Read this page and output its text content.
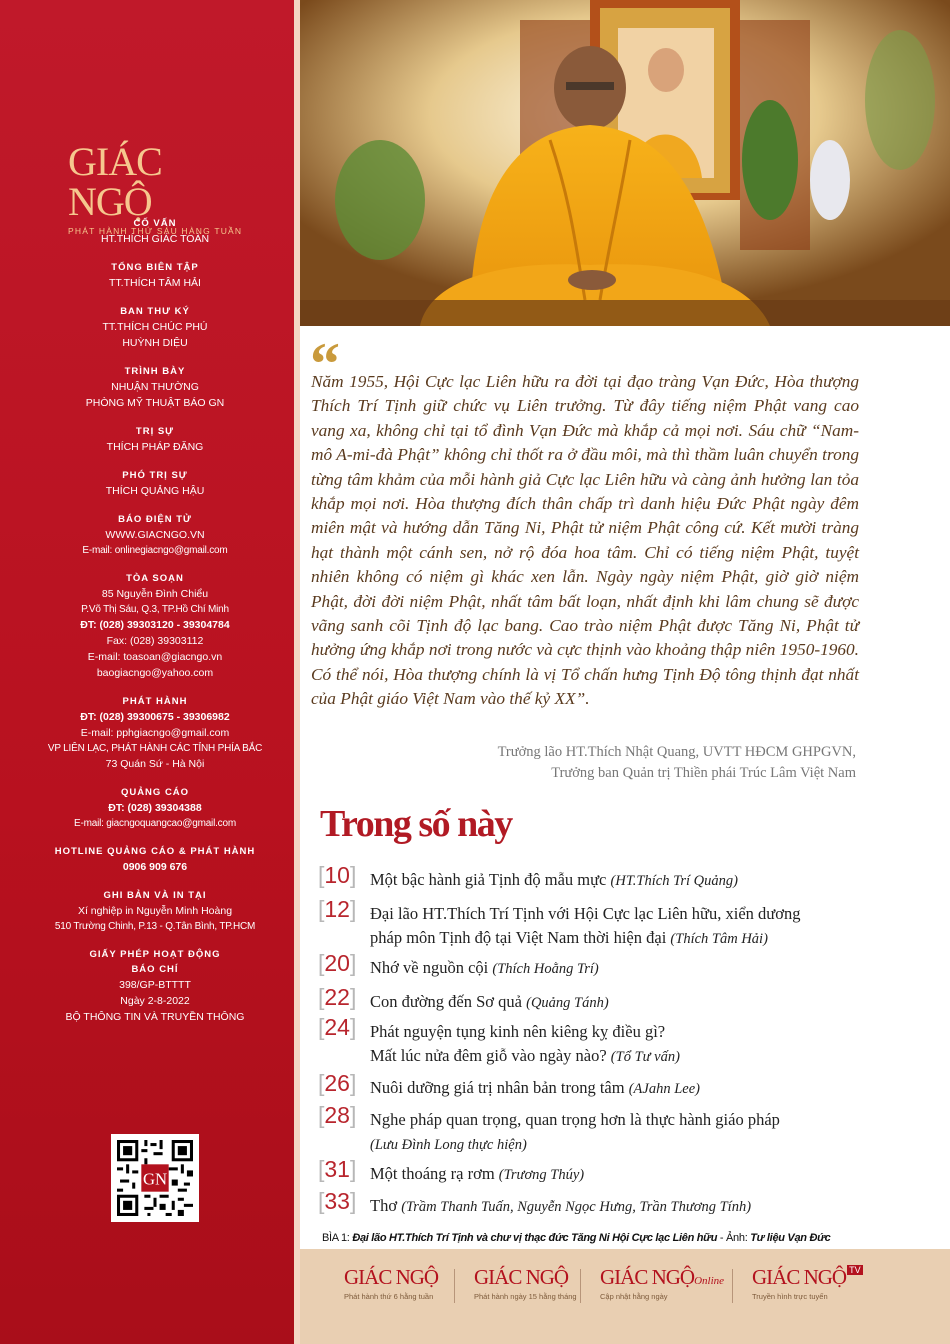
GIÁC NGỘ
PHÁT HÀNH THỨ SÁU HÀNG TUẦN
CỐ VẤN
HT.THÍCH GIÁC TOÀN
TỔNG BIÊN TẬP
TT.THÍCH TÂM HẢI
BAN THƯ KÝ
TT.THÍCH CHÚC PHÚ
HUỲNH DIỆU
TRÌNH BÀY
NHUẬN THƯỜNG
PHÒNG MỸ THUẬT BÁO GN
TRỊ SỰ
THÍCH PHÁP ĐĂNG
PHÓ TRỊ SỰ
THÍCH QUẢNG HẬU
BÁO ĐIỆN TỬ
WWW.GIACNGO.VN
E-mail: onlinegiacngo@gmail.com
TÒA SOẠN
85 Nguyễn Đình Chiểu
P.Võ Thị Sáu, Q.3, TP.Hồ Chí Minh
ĐT: (028) 39303120 - 39304784
Fax: (028) 39303112
E-mail: toasoan@giacngo.vn
baogiacngo@yahoo.com
PHÁT HÀNH
ĐT: (028) 39300675 - 39306982
E-mail: pphgiacngo@gmail.com
VP LIÊN LẠC, PHÁT HÀNH CÁC TỈNH PHÍA BẮC
73 Quán Sứ - Hà Nội
QUẢNG CÁO
ĐT: (028) 39304388
E-mail: giacngoquangcao@gmail.com
HOTLINE QUẢNG CÁO & PHÁT HÀNH
0906 909 676
GHI BẢN VÀ IN TẠI
Xí nghiệp in Nguyễn Minh Hoàng
510 Trường Chinh, P.13 - Q.Tân Bình, TP.HCM
GIẤY PHÉP HOẠT ĐỘNG BÁO CHÍ
398/GP-BTTTT
Ngày 2-8-2022
BỘ THÔNG TIN VÀ TRUYỀN THÔNG
GN
“

Năm 1955, Hội Cực lạc Liên hữu ra đời tại đạo tràng Vạn Đức, Hòa thượng Thích Trí Tịnh giữ chức vụ Liên trưởng. Từ đây tiếng niệm Phật vang cao vang xa, không chỉ tại tổ đình Vạn Đức mà khắp cả mọi nơi. Sáu chữ “Nam-mô A-mi-đà Phật” không chỉ thốt ra ở đầu môi, mà thì thầm luân chuyển trong từng tâm khảm của mỗi hành giả Cực lạc Liên hữu và càng ảnh hưởng lan tỏa khắp mọi nơi. Hòa thượng đích thân chấp trì danh hiệu Đức Phật ngày đêm miên mật và hướng dẫn Tăng Ni, Phật tử niệm Phật công cứ. Kết mười tràng hạt thành một cánh sen, nở rộ đóa hoa tâm. Chỉ có tiếng niệm Phật, tuyệt nhiên không có niệm gì khác xen lẫn. Ngày ngày niệm Phật, giờ giờ niệm Phật, đời đời niệm Phật, nhất tâm bất loạn, nhất định khi lâm chung sẽ được vãng sanh cõi Tịnh độ lạc bang. Cao trào niệm Phật được Tăng Ni, Phật tử hưởng ứng khắp nơi trong nước và cực thịnh vào khoảng thập niên 1950-1960. Có thể nói, Hòa thượng chính là vị Tổ chấn hưng Tịnh Độ tông thịnh đạt nhất của Phật giáo Việt Nam vào thế kỷ XX”.

Trưởng lão HT.Thích Nhật Quang, UVTT HĐCM GHPGVN,
Trưởng ban Quản trị Thiền phái Trúc Lâm Việt Nam
Trong số này
[10] Một bậc hành giả Tịnh độ mẫu mực (HT.Thích Trí Quảng)
[12] Đại lão HT.Thích Trí Tịnh với Hội Cực lạc Liên hữu, xiển dương
pháp môn Tịnh độ tại Việt Nam thời hiện đại (Thích Tâm Hải)
[20] Nhớ về nguồn cội (Thích Hoằng Trí)
[22] Con đường đến Sơ quả (Quảng Tánh)
[24] Phát nguyện tụng kinh nên kiêng kỵ điều gì?
Mất lúc nửa đêm giỗ vào ngày nào? (Tổ Tư vấn)
[26] Nuôi dưỡng giá trị nhân bản trong tâm (AJahn Lee)
[28] Nghe pháp quan trọng, quan trọng hơn là thực hành giáo pháp
(Lưu Đình Long thực hiện)
[31] Một thoáng rạ rơm (Trương Thúy)
[33] Thơ (Trầm Thanh Tuấn, Nguyễn Ngọc Hưng, Trần Thương Tính)
BÌA 1: Đại lão HT.Thích Trí Tịnh và chư vị thạc đức Tăng Ni Hội Cực lạc Liên hữu - Ảnh: Tư liệu Vạn Đức
GIÁC NGỘ
Phát hành thứ 6 hằng tuần
GIÁC NGỘ
Phát hành ngày 15 hằng tháng
GIÁC NGỘOnline
Cập nhật hằng ngày
GIÁC NGỘ TV
Truyền hình trực tuyến
